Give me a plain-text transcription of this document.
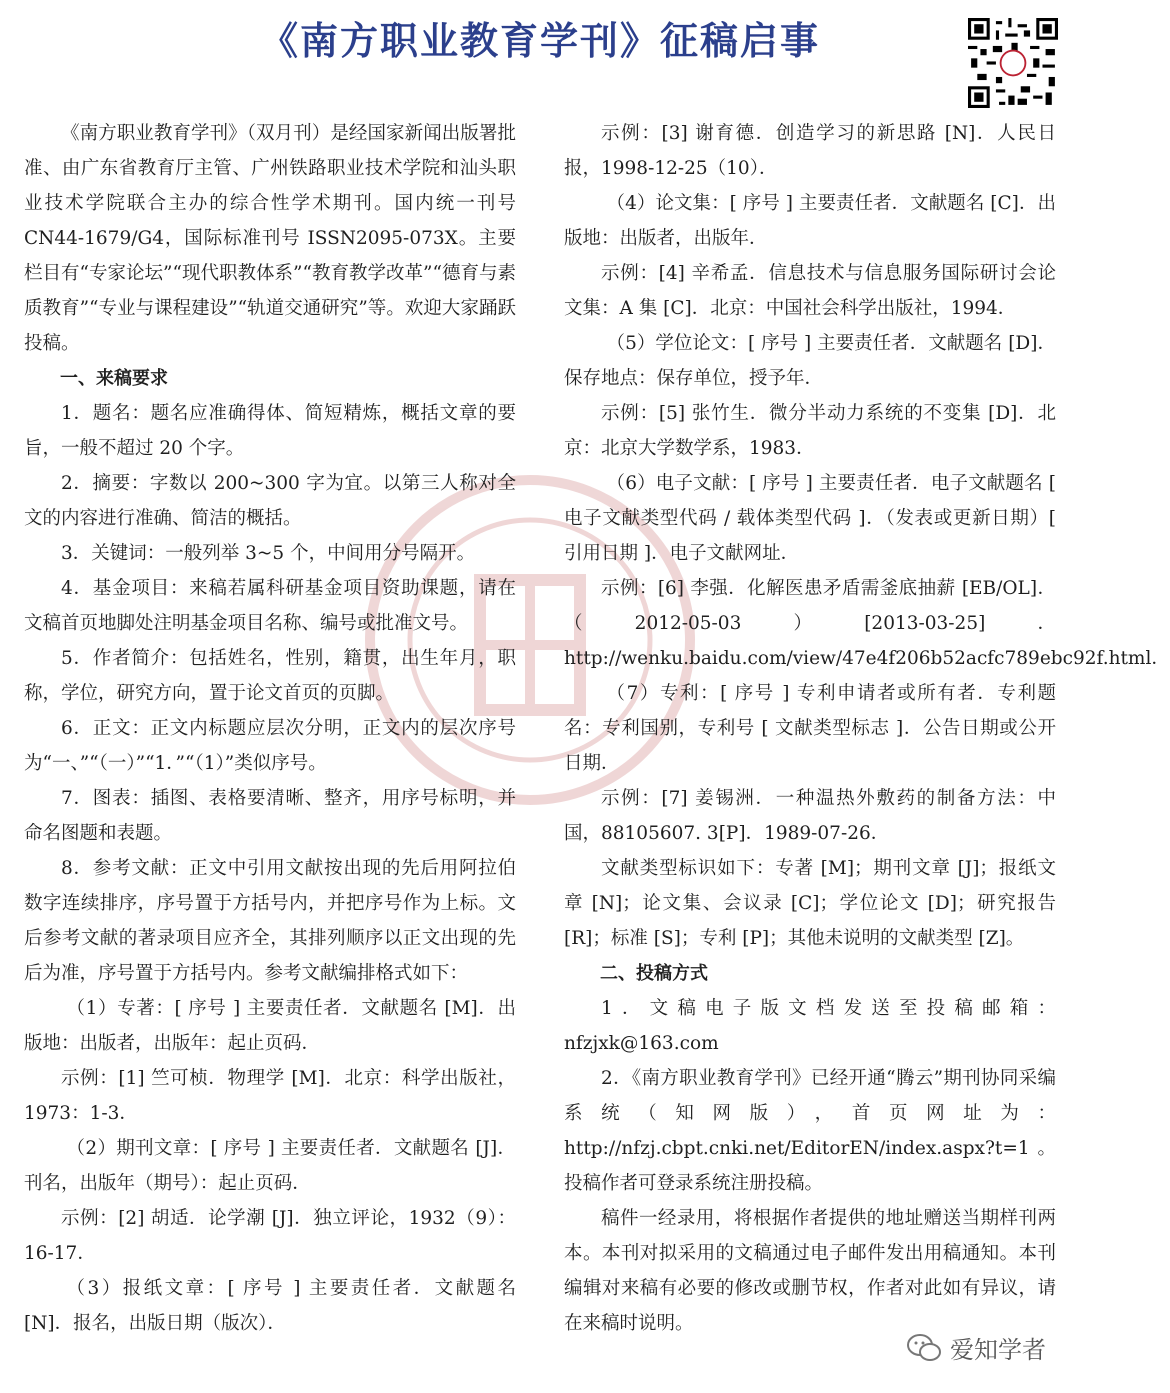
《南方职业教育学刊》征稿启事

《南方职业教育学刊》（双月刊）是经国家新闻出版署批准、由广东省教育厅主管、广州铁路职业技术学院和汕头职业技术学院联合主办的综合性学术期刊。国内统一刊号 CN44-1679/G4，国际标准刊号 ISSN2095-073X。主要栏目有“专家论坛”“现代职教体系”“教育教学改革”“德育与素质教育”“专业与课程建设”“轨道交通研究”等。欢迎大家踊跃投稿。

一、来稿要求

1．题名：题名应准确得体、简短精炼，概括文章的要旨，一般不超过 20 个字。

2．摘要：字数以 200~300 字为宜。以第三人称对全文的内容进行准确、简洁的概括。

3．关键词：一般列举 3~5 个，中间用分号隔开。

4．基金项目：来稿若属科研基金项目资助课题，请在文稿首页地脚处注明基金项目名称、编号或批准文号。

5．作者简介：包括姓名，性别，籍贯，出生年月，职称，学位，研究方向，置于论文首页的页脚。

6．正文：正文内标题应层次分明，正文内的层次序号为“一、”“（一）”“1．”“（1）”类似序号。

7．图表：插图、表格要清晰、整齐，用序号标明，并命名图题和表题。

8．参考文献：正文中引用文献按出现的先后用阿拉伯数字连续排序，序号置于方括号内，并把序号作为上标。文后参考文献的著录项目应齐全，其排列顺序以正文出现的先后为准，序号置于方括号内。参考文献编排格式如下：

（1）专著：[ 序号 ] 主要责任者．文献题名 [M]．出版地：出版者，出版年：起止页码．

示例：[1] 竺可桢．物理学 [M]．北京：科学出版社，1973：1-3．

（2）期刊文章：[ 序号 ] 主要责任者．文献题名 [J]．刊名，出版年（期号）：起止页码．

示例：[2] 胡适．论学潮 [J]．独立评论，1932（9）：16-17．

（3）报纸文章：[ 序号 ] 主要责任者．文献题名 [N]．报名，出版日期（版次）．

示例：[3] 谢育德．创造学习的新思路 [N]．人民日报，1998-12-25（10）．

（4）论文集：[ 序号 ] 主要责任者．文献题名 [C]．出版地：出版者，出版年．

示例：[4] 辛希孟．信息技术与信息服务国际研讨会论文集：A 集 [C]．北京：中国社会科学出版社，1994．

（5）学位论文：[ 序号 ] 主要责任者．文献题名 [D]．保存地点：保存单位，授予年．

示例：[5] 张竹生．微分半动力系统的不变集 [D]．北京：北京大学数学系，1983．

（6）电子文献：[ 序号 ] 主要责任者．电子文献题名 [ 电子文献类型代码 / 载体类型代码 ]．（发表或更新日期）[ 引用日期 ]．电子文献网址．

示例：[6] 李强．化解医患矛盾需釜底抽薪 [EB/OL]．（2012-05-03）[2013-03-25]． http://wenku.baidu.com/view/47e4f206b52acfc789ebc92f.html．

（7）专利：[ 序号 ] 专利申请者或所有者．专利题名：专利国别，专利号 [ 文献类型标志 ]．公告日期或公开日期．

示例：[7] 姜锡洲．一种温热外敷药的制备方法：中国，88105607. 3[P]．1989-07-26．

文献类型标识如下：专著 [M]；期刊文章 [J]；报纸文章 [N]；论文集、会议录 [C]；学位论文 [D]；研究报告 [R]；标准 [S]；专利 [P]；其他未说明的文献类型 [Z]。

二、投稿方式

1．文稿电子版文档发送至投稿邮箱：nfzjxk@163.com

2．《南方职业教育学刊》已经开通“腾云”期刊协同采编系统（知网版），首页网址为：http://nfzj.cbpt.cnki.net/EditorEN/index.aspx?t=1。投稿作者可登录系统注册投稿。

稿件一经录用，将根据作者提供的地址赠送当期样刊两本。本刊对拟采用的文稿通过电子邮件发出用稿通知。本刊编辑对来稿有必要的修改或删节权，作者对此如有异议，请在来稿时说明。

爱知学者
